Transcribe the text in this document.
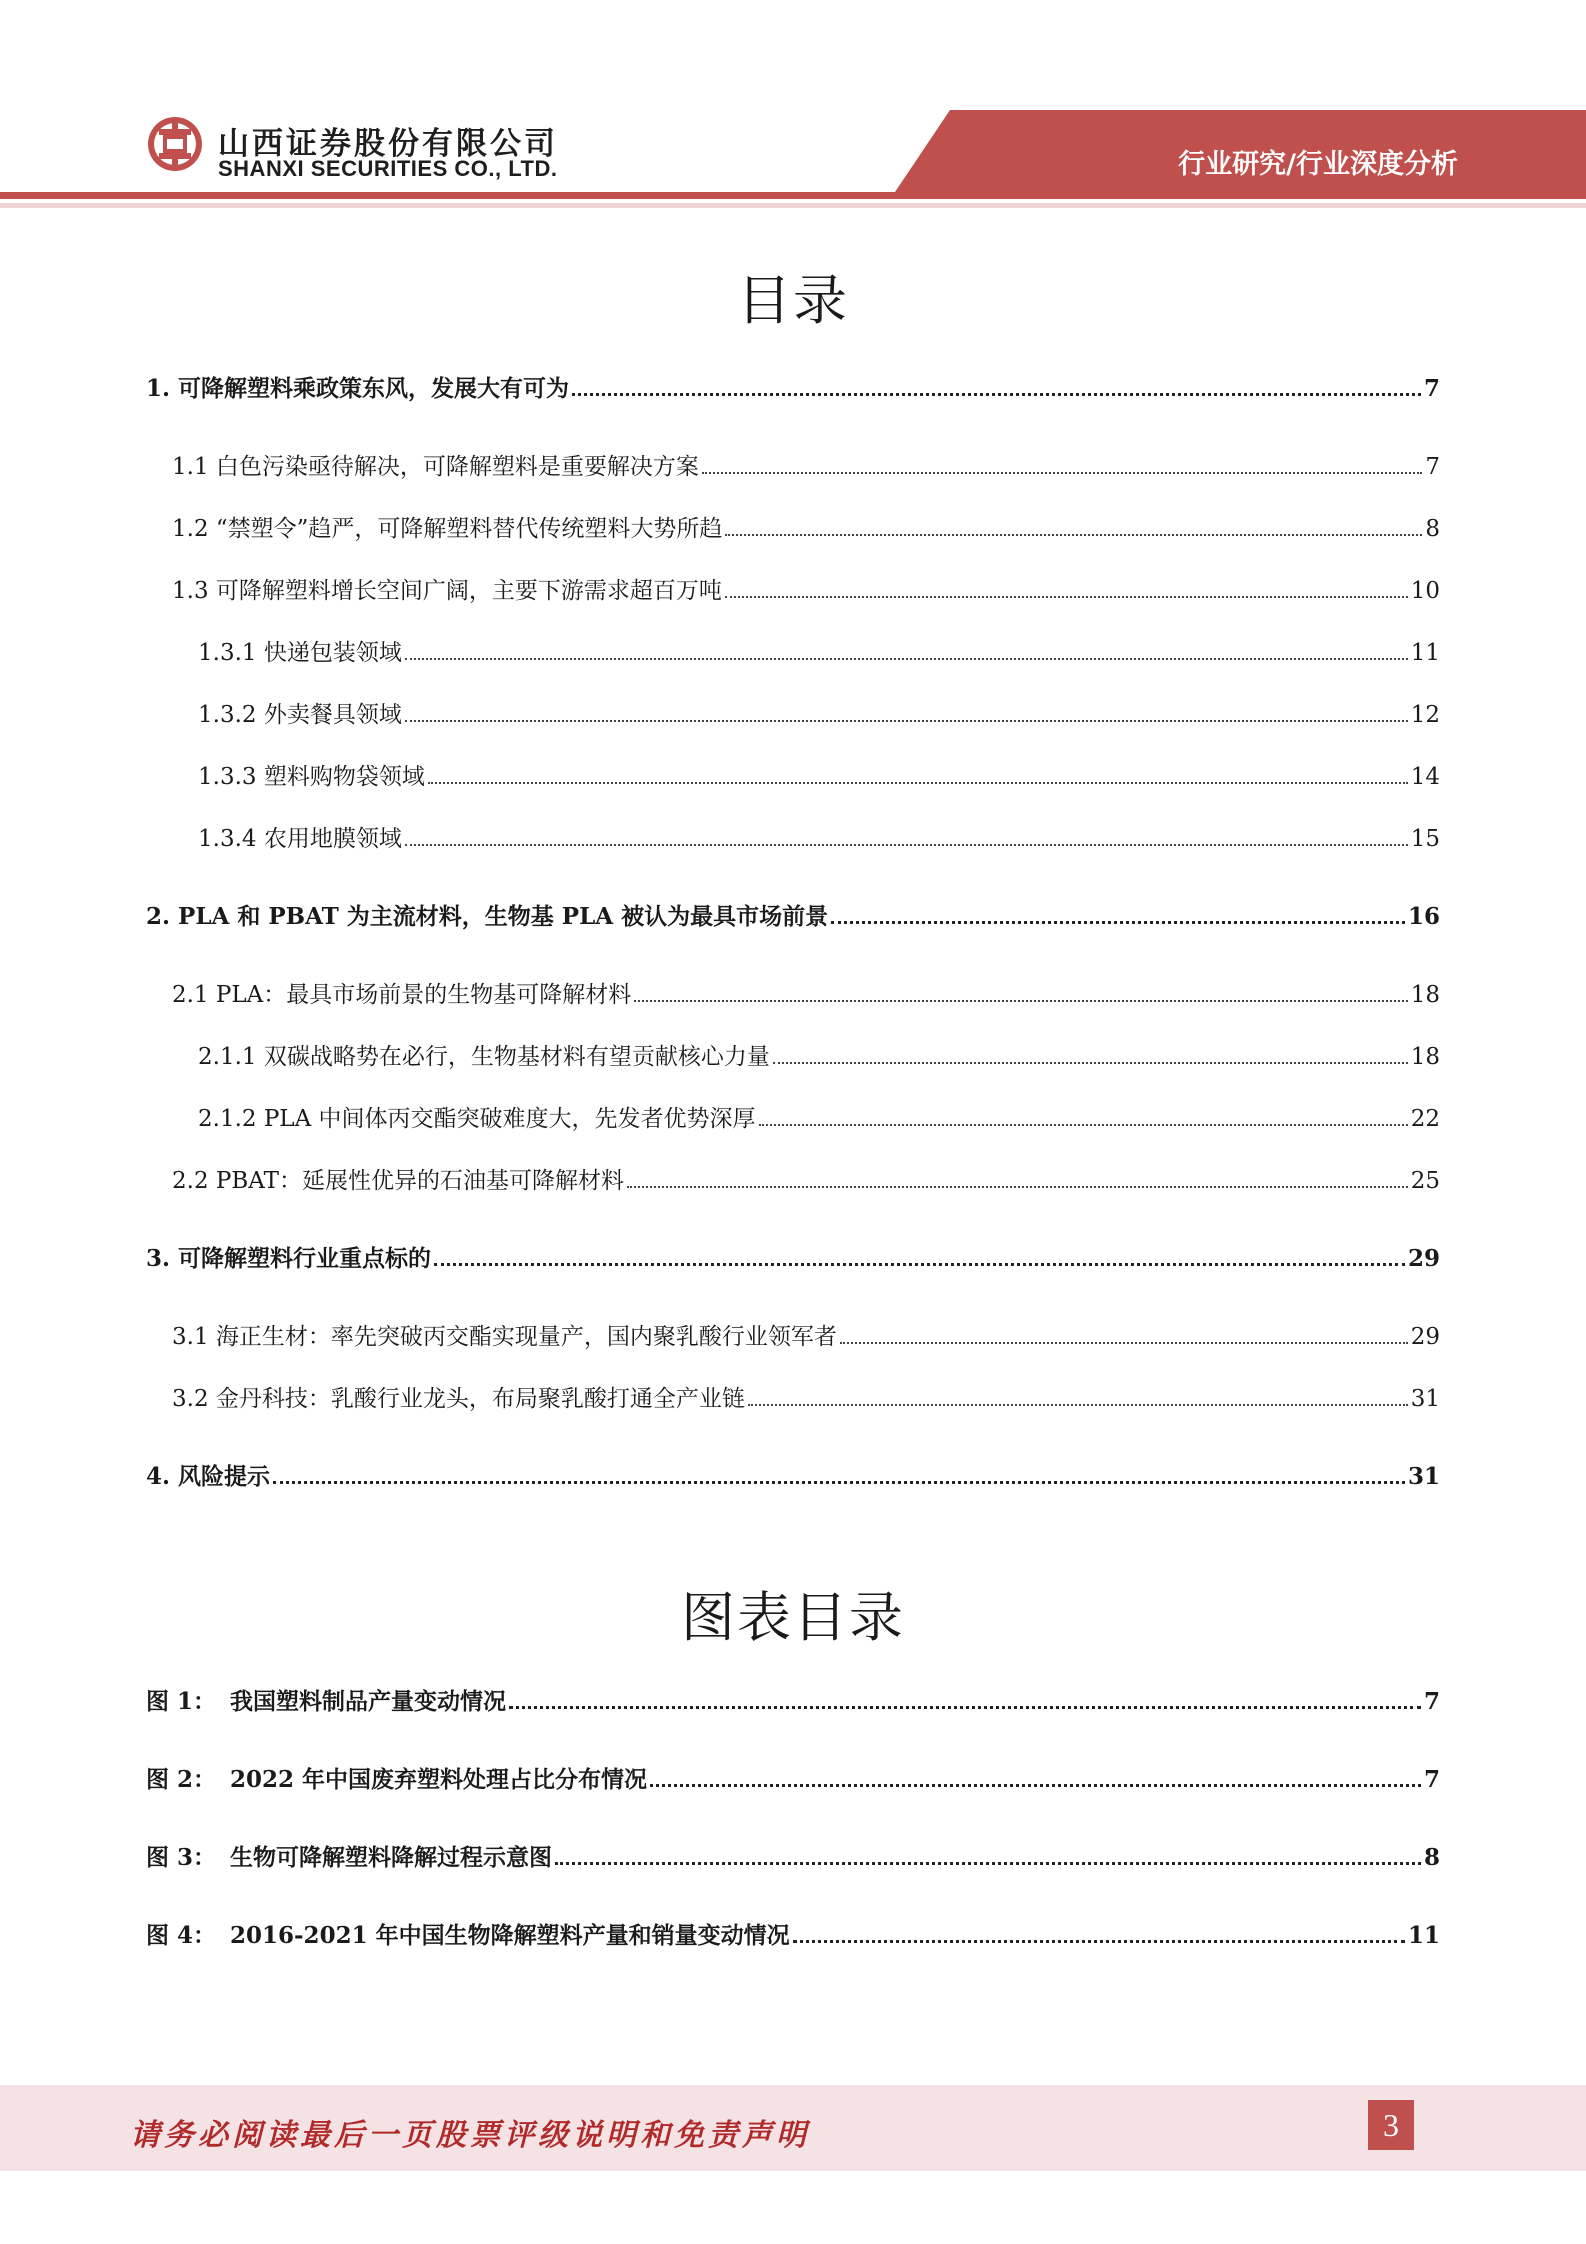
山西证券股份有限公司
SHANXI SECURITIES CO., LTD.	行业研究/行业深度分析
目录
1. 可降解塑料乘政策东风，发展大有可为	7
1.1 白色污染亟待解决，可降解塑料是重要解决方案	7
1.2 “禁塑令”趋严，可降解塑料替代传统塑料大势所趋	8
1.3 可降解塑料增长空间广阔，主要下游需求超百万吨	10
1.3.1 快递包装领域	11
1.3.2 外卖餐具领域	12
1.3.3 塑料购物袋领域	14
1.3.4 农用地膜领域	15
2. PLA 和 PBAT 为主流材料，生物基 PLA 被认为最具市场前景	16
2.1 PLA：最具市场前景的生物基可降解材料	18
2.1.1 双碳战略势在必行，生物基材料有望贡献核心力量	18
2.1.2 PLA 中间体丙交酯突破难度大，先发者优势深厚	22
2.2 PBAT：延展性优异的石油基可降解材料	25
3. 可降解塑料行业重点标的	29
3.1 海正生材：率先突破丙交酯实现量产，国内聚乳酸行业领军者	29
3.2 金丹科技：乳酸行业龙头，布局聚乳酸打通全产业链	31
4. 风险提示	31
图表目录
图 1： 我国塑料制品产量变动情况	7
图 2： 2022 年中国废弃塑料处理占比分布情况	7
图 3： 生物可降解塑料降解过程示意图	8
图 4： 2016-2021 年中国生物降解塑料产量和销量变动情况	11
请务必阅读最后一页股票评级说明和免责声明	3
